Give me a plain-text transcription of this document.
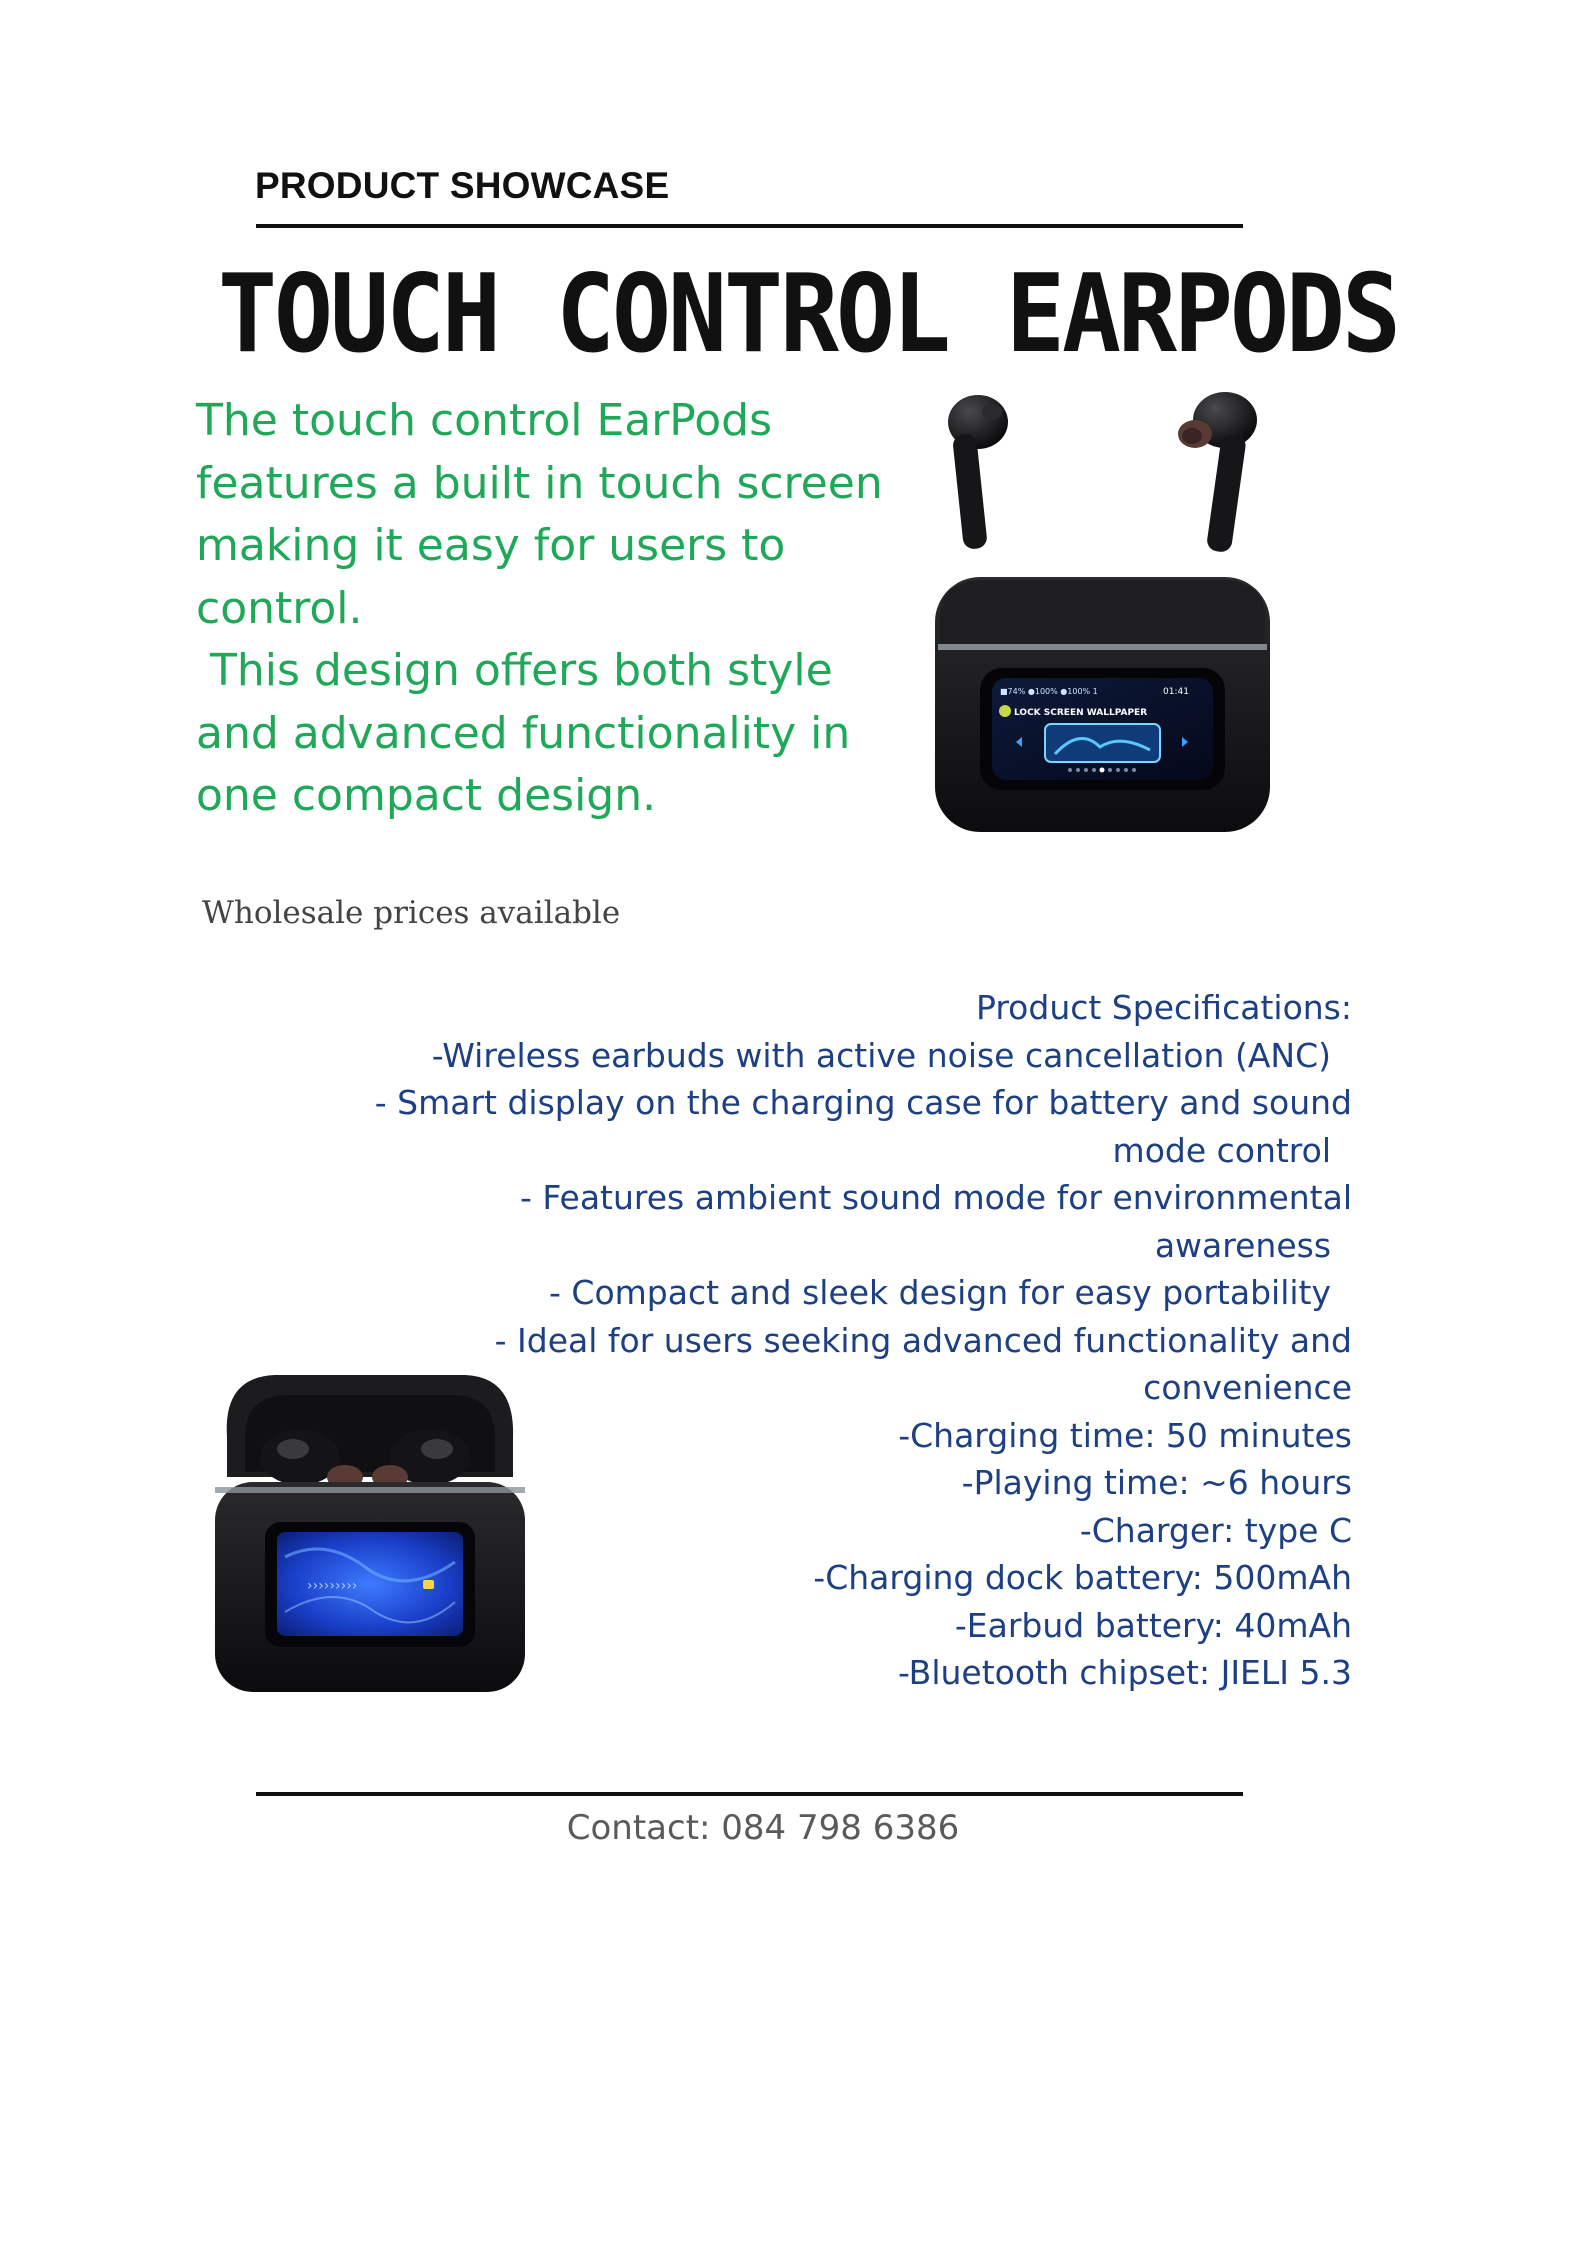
PRODUCT SHOWCASE
TOUCH CONTROL EARPODS
The touch control EarPods
features a built in touch screen
making it easy for users to
control.
This design offers both style
and advanced functionality in
one compact design.
■74% ●100% ●100% 1	01:41
LOCK SCREEN WALLPAPER
Wholesale prices available
Product Specifications:
-Wireless earbuds with active noise cancellation (ANC)
- Smart display on the charging case for battery and sound
mode control
- Features ambient sound mode for environmental
awareness
- Compact and sleek design for easy portability
- Ideal for users seeking advanced functionality and
convenience
-Charging time: 50 minutes
-Playing time: ~6 hours
-Charger: type C
-Charging dock battery: 500mAh
-Earbud battery: 40mAh
-Bluetooth chipset: JIELI 5.3
›››››››››
Contact: 084 798 6386
